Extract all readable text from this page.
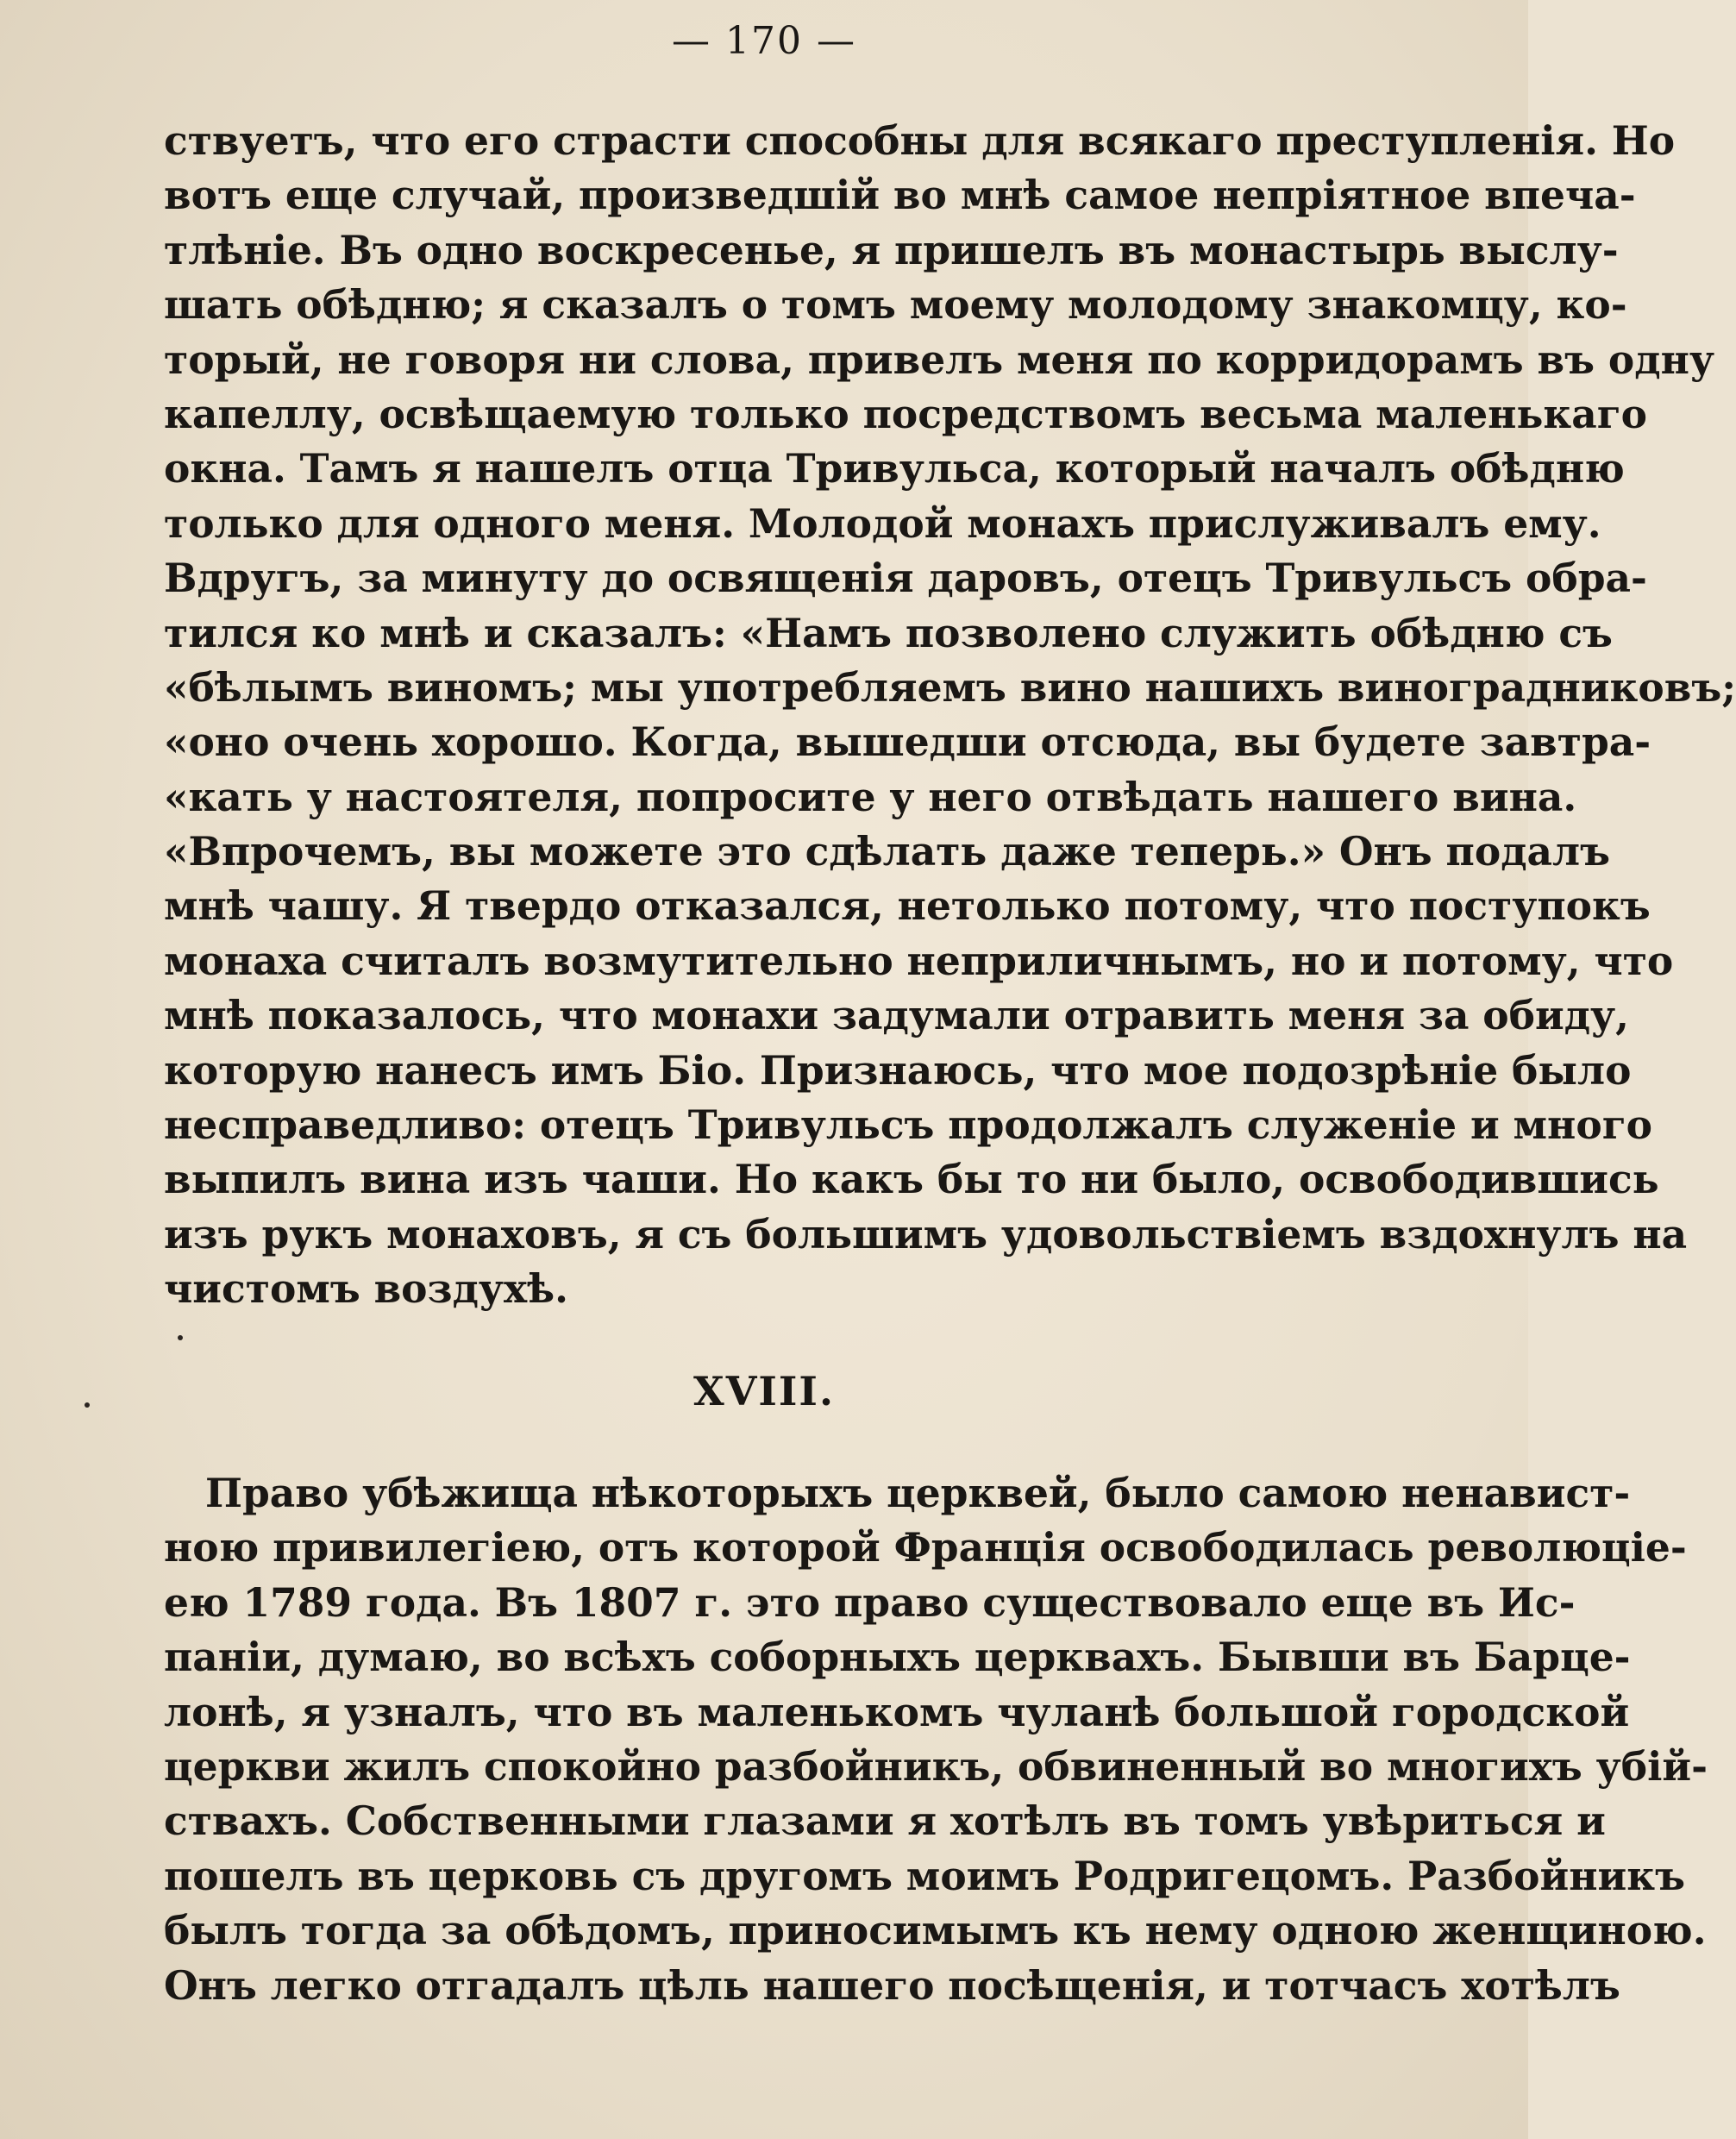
— 170 —
ствуетъ, что его страсти способны для всякаго преступленія. Но
вотъ еще случай, произведшій во мнѣ самое непріятное впеча-
тлѣніе. Въ одно воскресенье, я пришелъ въ монастырь выслу-
шать обѣдню; я сказалъ о томъ моему молодому знакомцу, ко-
торый, не говоря ни слова, привелъ меня по корридорамъ въ одну
капеллу, освѣщаемую только посредствомъ весьма маленькаго
окна. Тамъ я нашелъ отца Тривульса, который началъ обѣдню
только для одного меня. Молодой монахъ прислуживалъ ему.
Вдругъ, за минуту до освященія даровъ, отецъ Тривульсъ обра-
тился ко мнѣ и сказалъ: «Намъ позволено служить обѣдню съ
«бѣлымъ виномъ; мы употребляемъ вино нашихъ виноградниковъ;
«оно очень хорошо. Когда, вышедши отсюда, вы будете завтра-
«кать у настоятеля, попросите у него отвѣдать нашего вина.
«Впрочемъ, вы можете это сдѣлать даже теперь.» Онъ подалъ
мнѣ чашу. Я твердо отказался, нетолько потому, что поступокъ
монаха считалъ возмутительно неприличнымъ, но и потому, что
мнѣ показалось, что монахи задумали отравить меня за обиду,
которую нанесъ имъ Біо. Признаюсь, что мое подозрѣніе было
несправедливо: отецъ Тривульсъ продолжалъ служеніе и много
выпилъ вина изъ чаши. Но какъ бы то ни было, освободившись
изъ рукъ монаховъ, я съ большимъ удовольствіемъ вздохнулъ на
чистомъ воздухѣ.
XVIII.
Право убѣжища нѣкоторыхъ церквей, было самою ненавист-
ною привилегіею, отъ которой Франція освободилась революціе-
ею 1789 года. Въ 1807 г. это право существовало еще въ Ис-
паніи, думаю, во всѣхъ соборныхъ церквахъ. Бывши въ Барце-
лонѣ, я узналъ, что въ маленькомъ чуланѣ большой городской
церкви жилъ спокойно разбойникъ, обвиненный во многихъ убій-
ствахъ. Собственными глазами я хотѣлъ въ томъ увѣриться и
пошелъ въ церковь съ другомъ моимъ Родригецомъ. Разбойникъ
былъ тогда за обѣдомъ, приносимымъ къ нему одною женщиною.
Онъ легко отгадалъ цѣль нашего посѣщенія, и тотчасъ хотѣлъ
